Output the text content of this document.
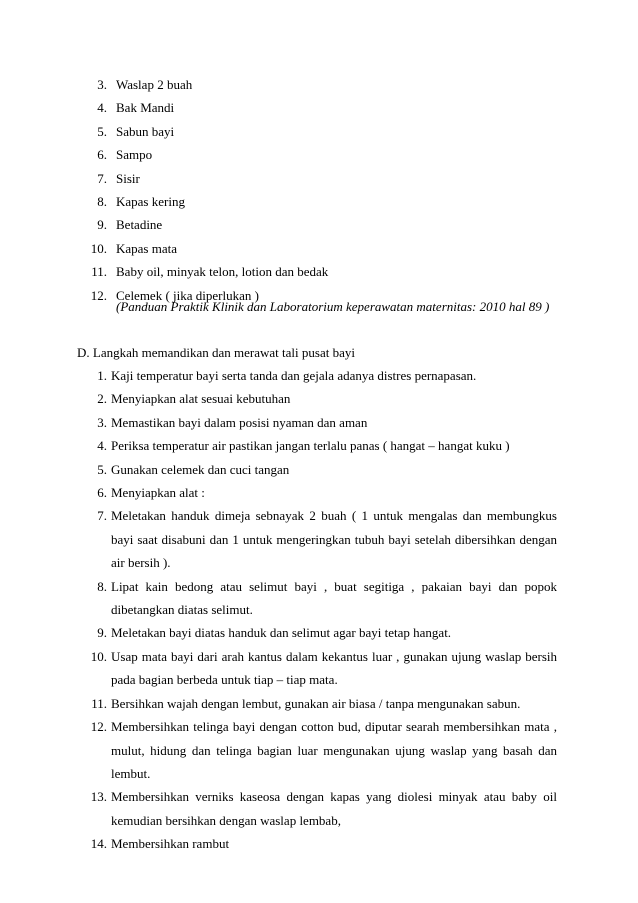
3. Waslap 2 buah
4. Bak Mandi
5. Sabun bayi
6. Sampo
7. Sisir
8. Kapas kering
9. Betadine
10. Kapas mata
11. Baby oil, minyak telon, lotion dan bedak
12. Celemek ( jika diperlukan )
(Panduan Praktik Klinik dan Laboratorium keperawatan maternitas: 2010 hal 89 )
D. Langkah memandikan dan merawat tali pusat bayi
1. Kaji temperatur bayi serta tanda dan gejala adanya distres pernapasan.
2. Menyiapkan alat sesuai kebutuhan
3. Memastikan bayi dalam posisi nyaman dan aman
4. Periksa temperatur air pastikan jangan terlalu panas ( hangat – hangat kuku )
5. Gunakan celemek dan cuci tangan
6. Menyiapkan alat :
7. Meletakan handuk dimeja sebnayak 2 buah ( 1 untuk mengalas dan membungkus bayi saat disabuni dan 1 untuk mengeringkan tubuh bayi setelah dibersihkan dengan air bersih ).
8. Lipat kain bedong atau selimut bayi , buat segitiga , pakaian bayi dan popok dibetangkan diatas selimut.
9. Meletakan bayi diatas handuk dan selimut agar bayi tetap hangat.
10. Usap mata bayi dari arah kantus dalam kekantus luar , gunakan ujung waslap bersih pada bagian berbeda untuk tiap – tiap mata.
11. Bersihkan wajah dengan lembut, gunakan air biasa / tanpa mengunakan sabun.
12. Membersihkan telinga bayi dengan cotton bud, diputar searah membersihkan mata , mulut, hidung dan telinga bagian luar mengunakan ujung waslap yang basah dan lembut.
13. Membersihkan verniks kaseosa dengan kapas yang diolesi minyak atau baby oil kemudian bersihkan dengan waslap lembab,
14. Membersihkan rambut
